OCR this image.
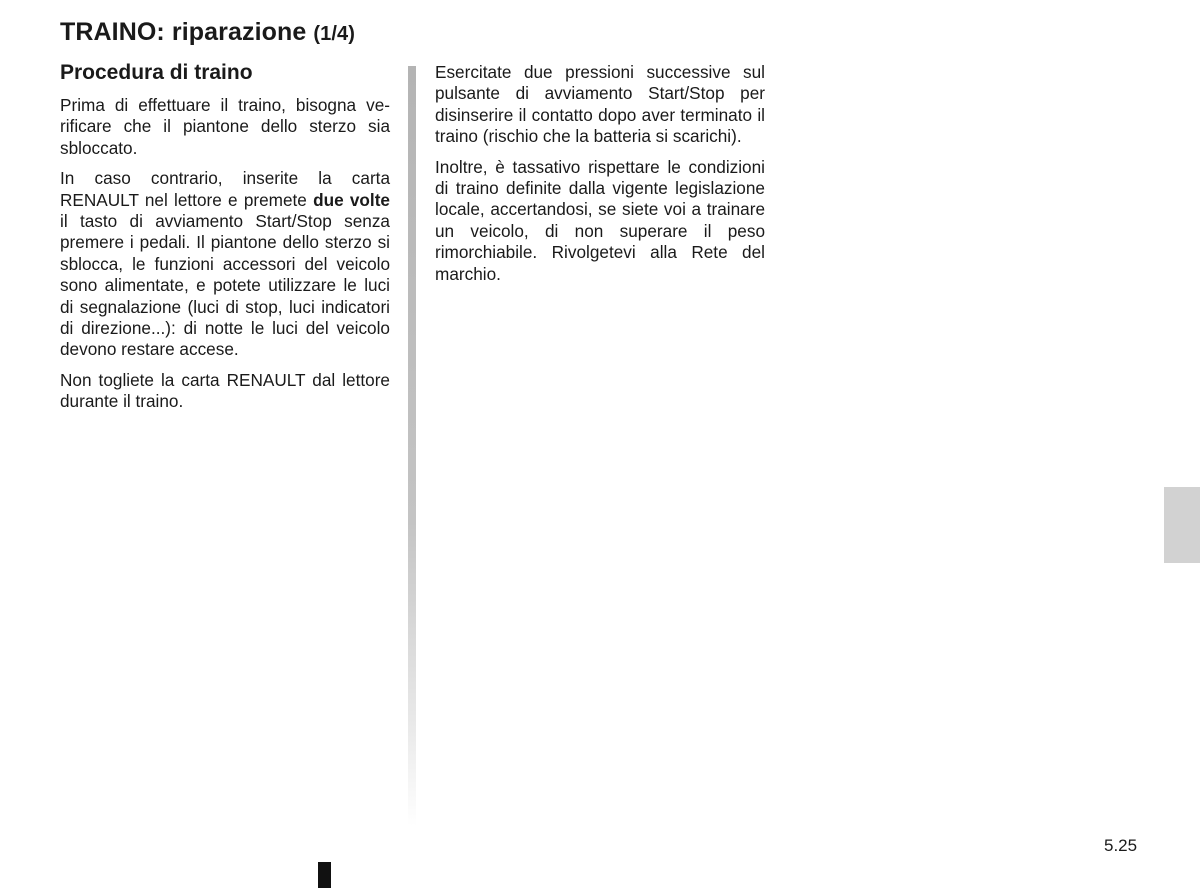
TRAINO: riparazione (1/4)
Procedura di traino

Prima di effettuare il traino, bisogna verificare che il piantone dello sterzo sia sbloccato.

In caso contrario, inserite la carta RENAULT nel lettore e premete due volte il tasto di avviamento Start/Stop senza premere i pedali. Il piantone dello sterzo si sblocca, le funzioni accessori del veicolo sono alimentate, e potete utilizzare le luci di segnalazione (luci di stop, luci indicatori di direzione...): di notte le luci del veicolo devono restare accese.

Non togliete la carta RENAULT dal lettore durante il traino.

Esercitate due pressioni successive sul pulsante di avviamento Start/Stop per disinserire il contatto dopo aver terminato il traino (rischio che la batteria si scarichi).

Inoltre, è tassativo rispettare le condizioni di traino definite dalla vigente legislazione locale, accertandosi, se siete voi a trainare un veicolo, di non superare il peso rimorchiabile. Rivolgetevi alla Rete del marchio.

5.25
